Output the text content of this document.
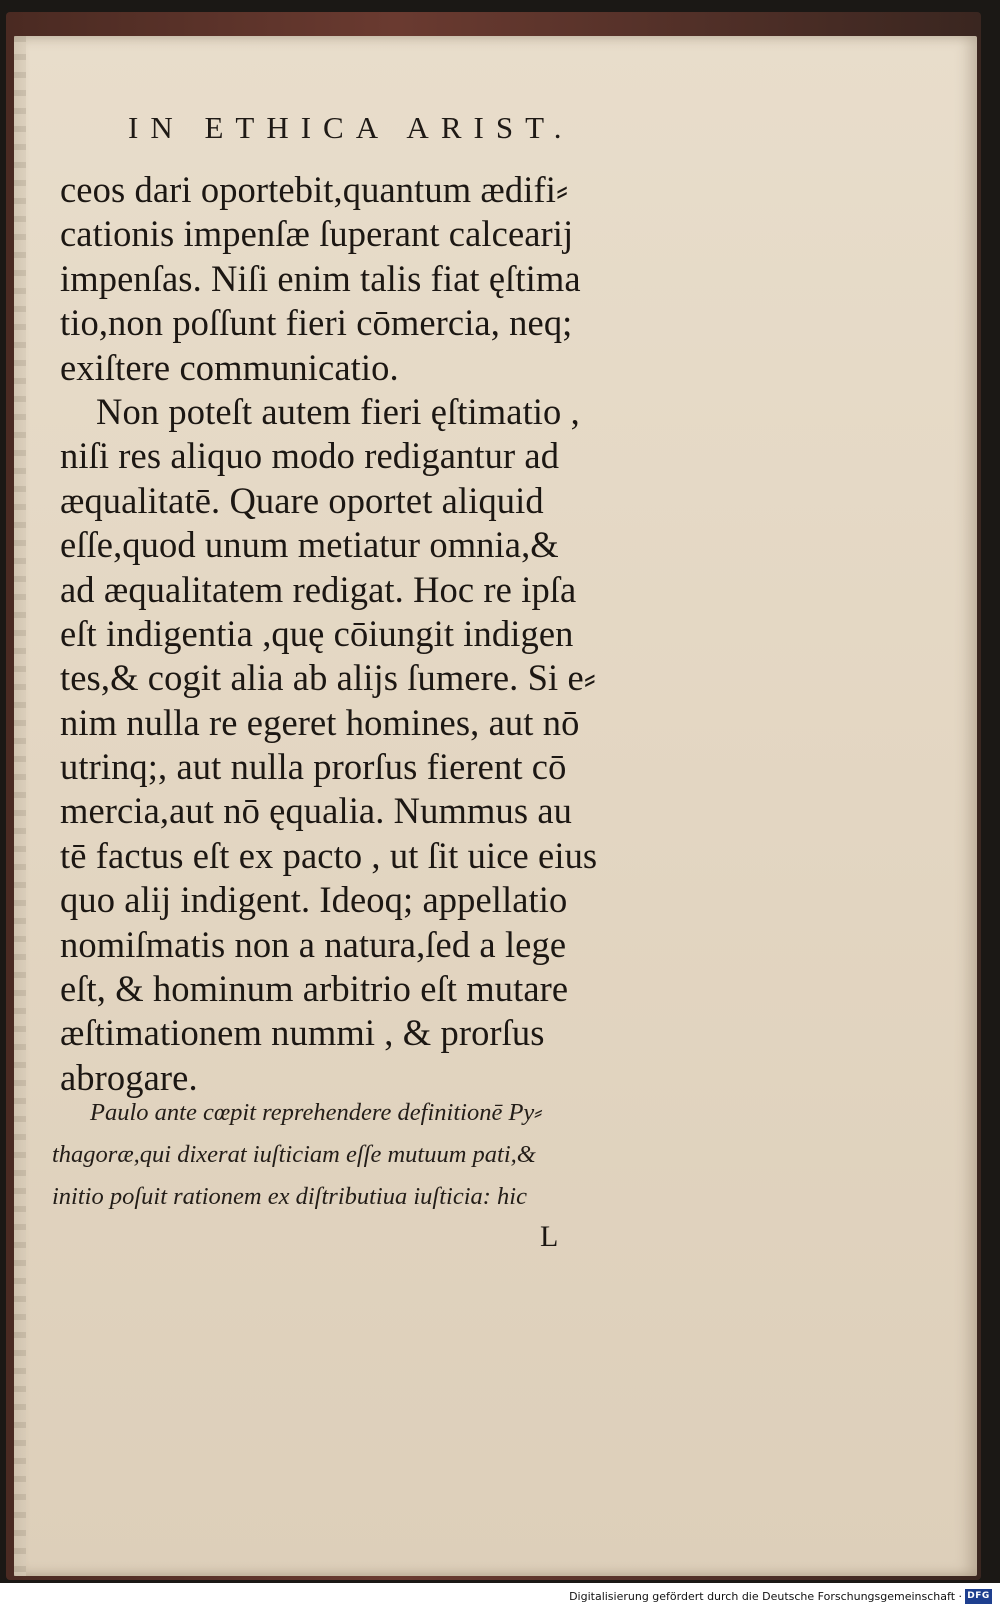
IN ETHICA ARIST.
ceos dari oportebit,quantum ædifi⸗
cationis impenſæ ſuperant calcearij
impenſas. Niſi enim talis fiat ęſtima
tio,non poſſunt fieri cōmercia, neq;
exiſtere communicatio.
Non poteſt autem fieri ęſtimatio ,
niſi res aliquo modo redigantur ad
æqualitatē. Quare oportet aliquid
eſſe,quod unum metiatur omnia,&
ad æqualitatem redigat. Hoc re ipſa
eſt indigentia ,quę cōiungit indigen
tes,& cogit alia ab alijs ſumere. Si e⸗
nim nulla re egeret homines, aut nō
utrinq;, aut nulla prorſus fierent cō
mercia,aut nō ęqualia. Nummus au
tē factus eſt ex pacto , ut ſit uice eius
quo alij indigent. Ideoq; appellatio
nomiſmatis non a natura,ſed a lege
eſt, & hominum arbitrio eſt mutare
æſtimationem nummi , & prorſus
abrogare.
Paulo ante cœpit reprehendere definitionē Py⸗
thagoræ,qui dixerat iuſticiam eſſe mutuum pati,&
initio poſuit rationem ex diſtributiua iuſticia: hic
L
Digitalisierung gefördert durch die Deutsche Forschungsgemeinschaft · DFG
